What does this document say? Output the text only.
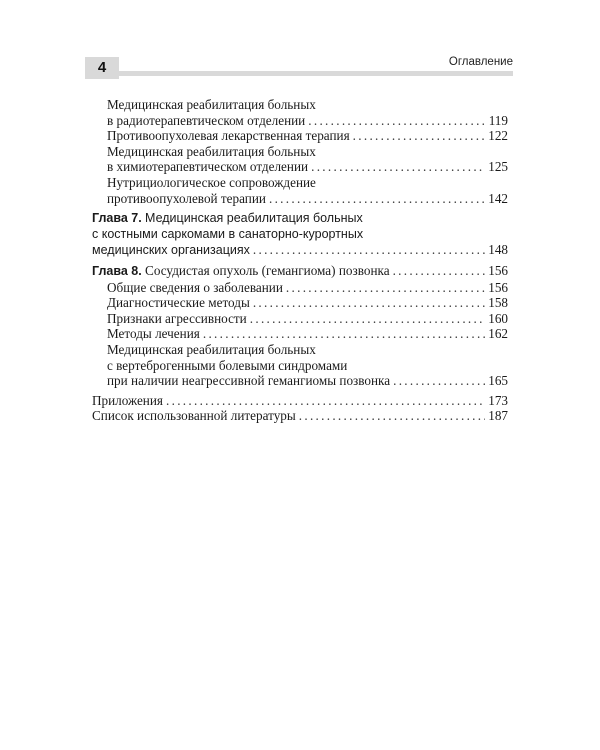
4	Оглавление
Медицинская реабилитация больных
в радиотерапевтическом отделении . . .	119
Противоопухолевая лекарственная терапия . . .	122
Медицинская реабилитация больных
в химиотерапевтическом отделении . . .	125
Нутрициологическое сопровождение
противоопухолевой терапии . . .	142
Глава 7. Медицинская реабилитация больных
с костными саркомами в санаторно-курортных
медицинских организациях . . .	148
Глава 8. Сосудистая опухоль (гемангиома) позвонка . . .	156
Общие сведения о заболевании . . .	156
Диагностические методы . . .	158
Признаки агрессивности . . .	160
Методы лечения . . .	162
Медицинская реабилитация больных
с вертеброгенными болевыми синдромами
при наличии неагрессивной гемангиомы позвонка . . .	165
Приложения . . .	173
Список использованной литературы . . .	187
